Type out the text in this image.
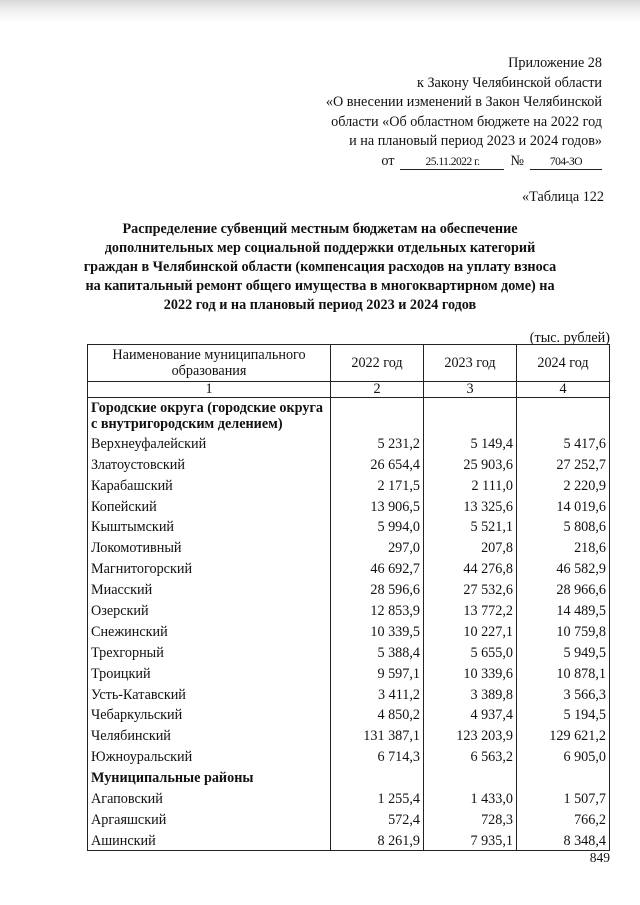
Приложение 28
к Закону Челябинской области
«О внесении изменений в Закон Челябинской
области «Об областном бюджете на 2022 год
и на плановый период 2023 и 2024 годов»
от	25.11.2022 г.	№	704-ЗО
«Таблица 122
Распределение субвенций местным бюджетам на обеспечение дополнительных мер социальной поддержки отдельных категорий граждан в Челябинской области (компенсация расходов на уплату взноса на капитальный ремонт общего имущества в многоквартирном доме) на 2022 год и на плановый период 2023 и 2024 годов
(тыс. рублей)
Наименование муниципального образования	2022 год	2023 год	2024 год
1	2	3	4
Городские округа (городские округа с внутригородским делением)			
Верхнеуфалейский	5 231,2	5 149,4	5 417,6
Златоустовский	26 654,4	25 903,6	27 252,7
Карабашский	2 171,5	2 111,0	2 220,9
Копейский	13 906,5	13 325,6	14 019,6
Кыштымский	5 994,0	5 521,1	5 808,6
Локомотивный	297,0	207,8	218,6
Магнитогорский	46 692,7	44 276,8	46 582,9
Миасский	28 596,6	27 532,6	28 966,6
Озерский	12 853,9	13 772,2	14 489,5
Снежинский	10 339,5	10 227,1	10 759,8
Трехгорный	5 388,4	5 655,0	5 949,5
Троицкий	9 597,1	10 339,6	10 878,1
Усть-Катавский	3 411,2	3 389,8	3 566,3
Чебаркульский	4 850,2	4 937,4	5 194,5
Челябинский	131 387,1	123 203,9	129 621,2
Южноуральский	6 714,3	6 563,2	6 905,0
Муниципальные районы			
Агаповский	1 255,4	1 433,0	1 507,7
Аргаяшский	572,4	728,3	766,2
Ашинский	8 261,9	7 935,1	8 348,4
849
